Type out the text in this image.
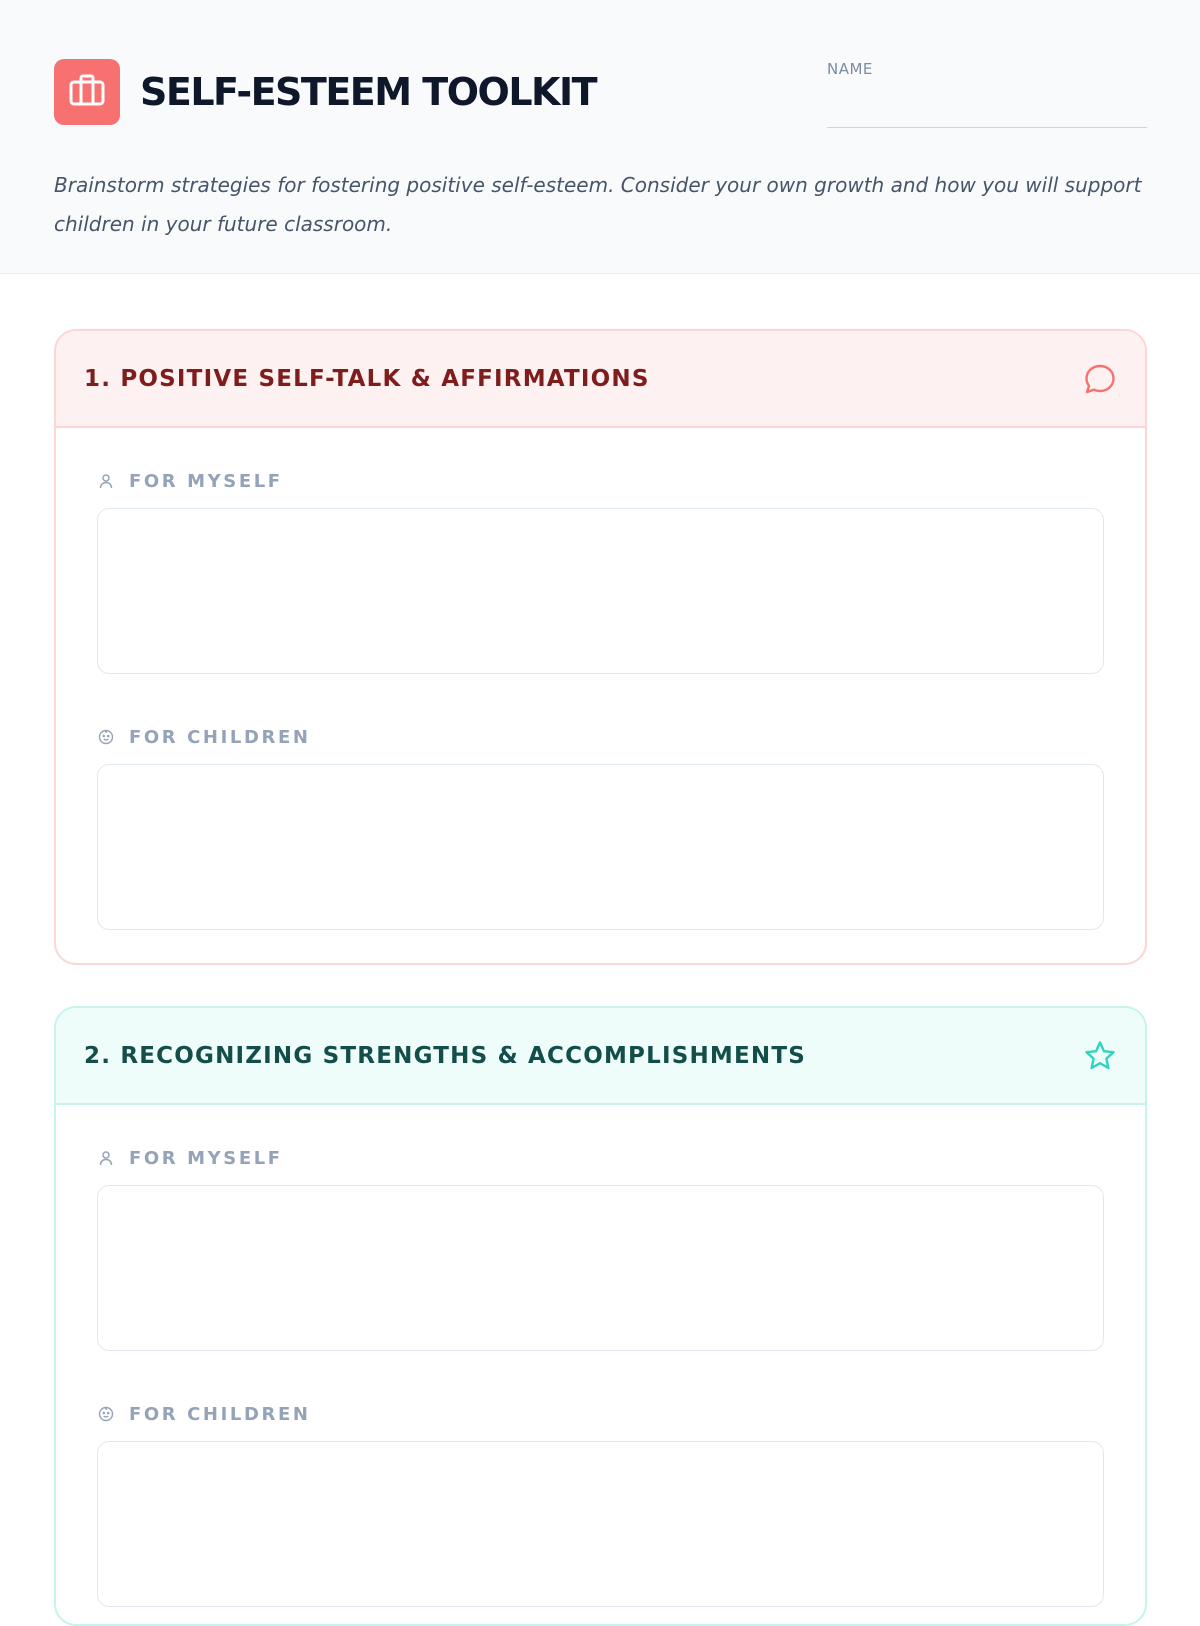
SELF-ESTEEM TOOLKIT
NAME

Brainstorm strategies for fostering positive self-esteem. Consider your own growth and how you will support children in your future classroom.

1. POSITIVE SELF-TALK & AFFIRMATIONS
FOR MYSELF
FOR CHILDREN
2. RECOGNIZING STRENGTHS & ACCOMPLISHMENTS
FOR MYSELF
FOR CHILDREN
